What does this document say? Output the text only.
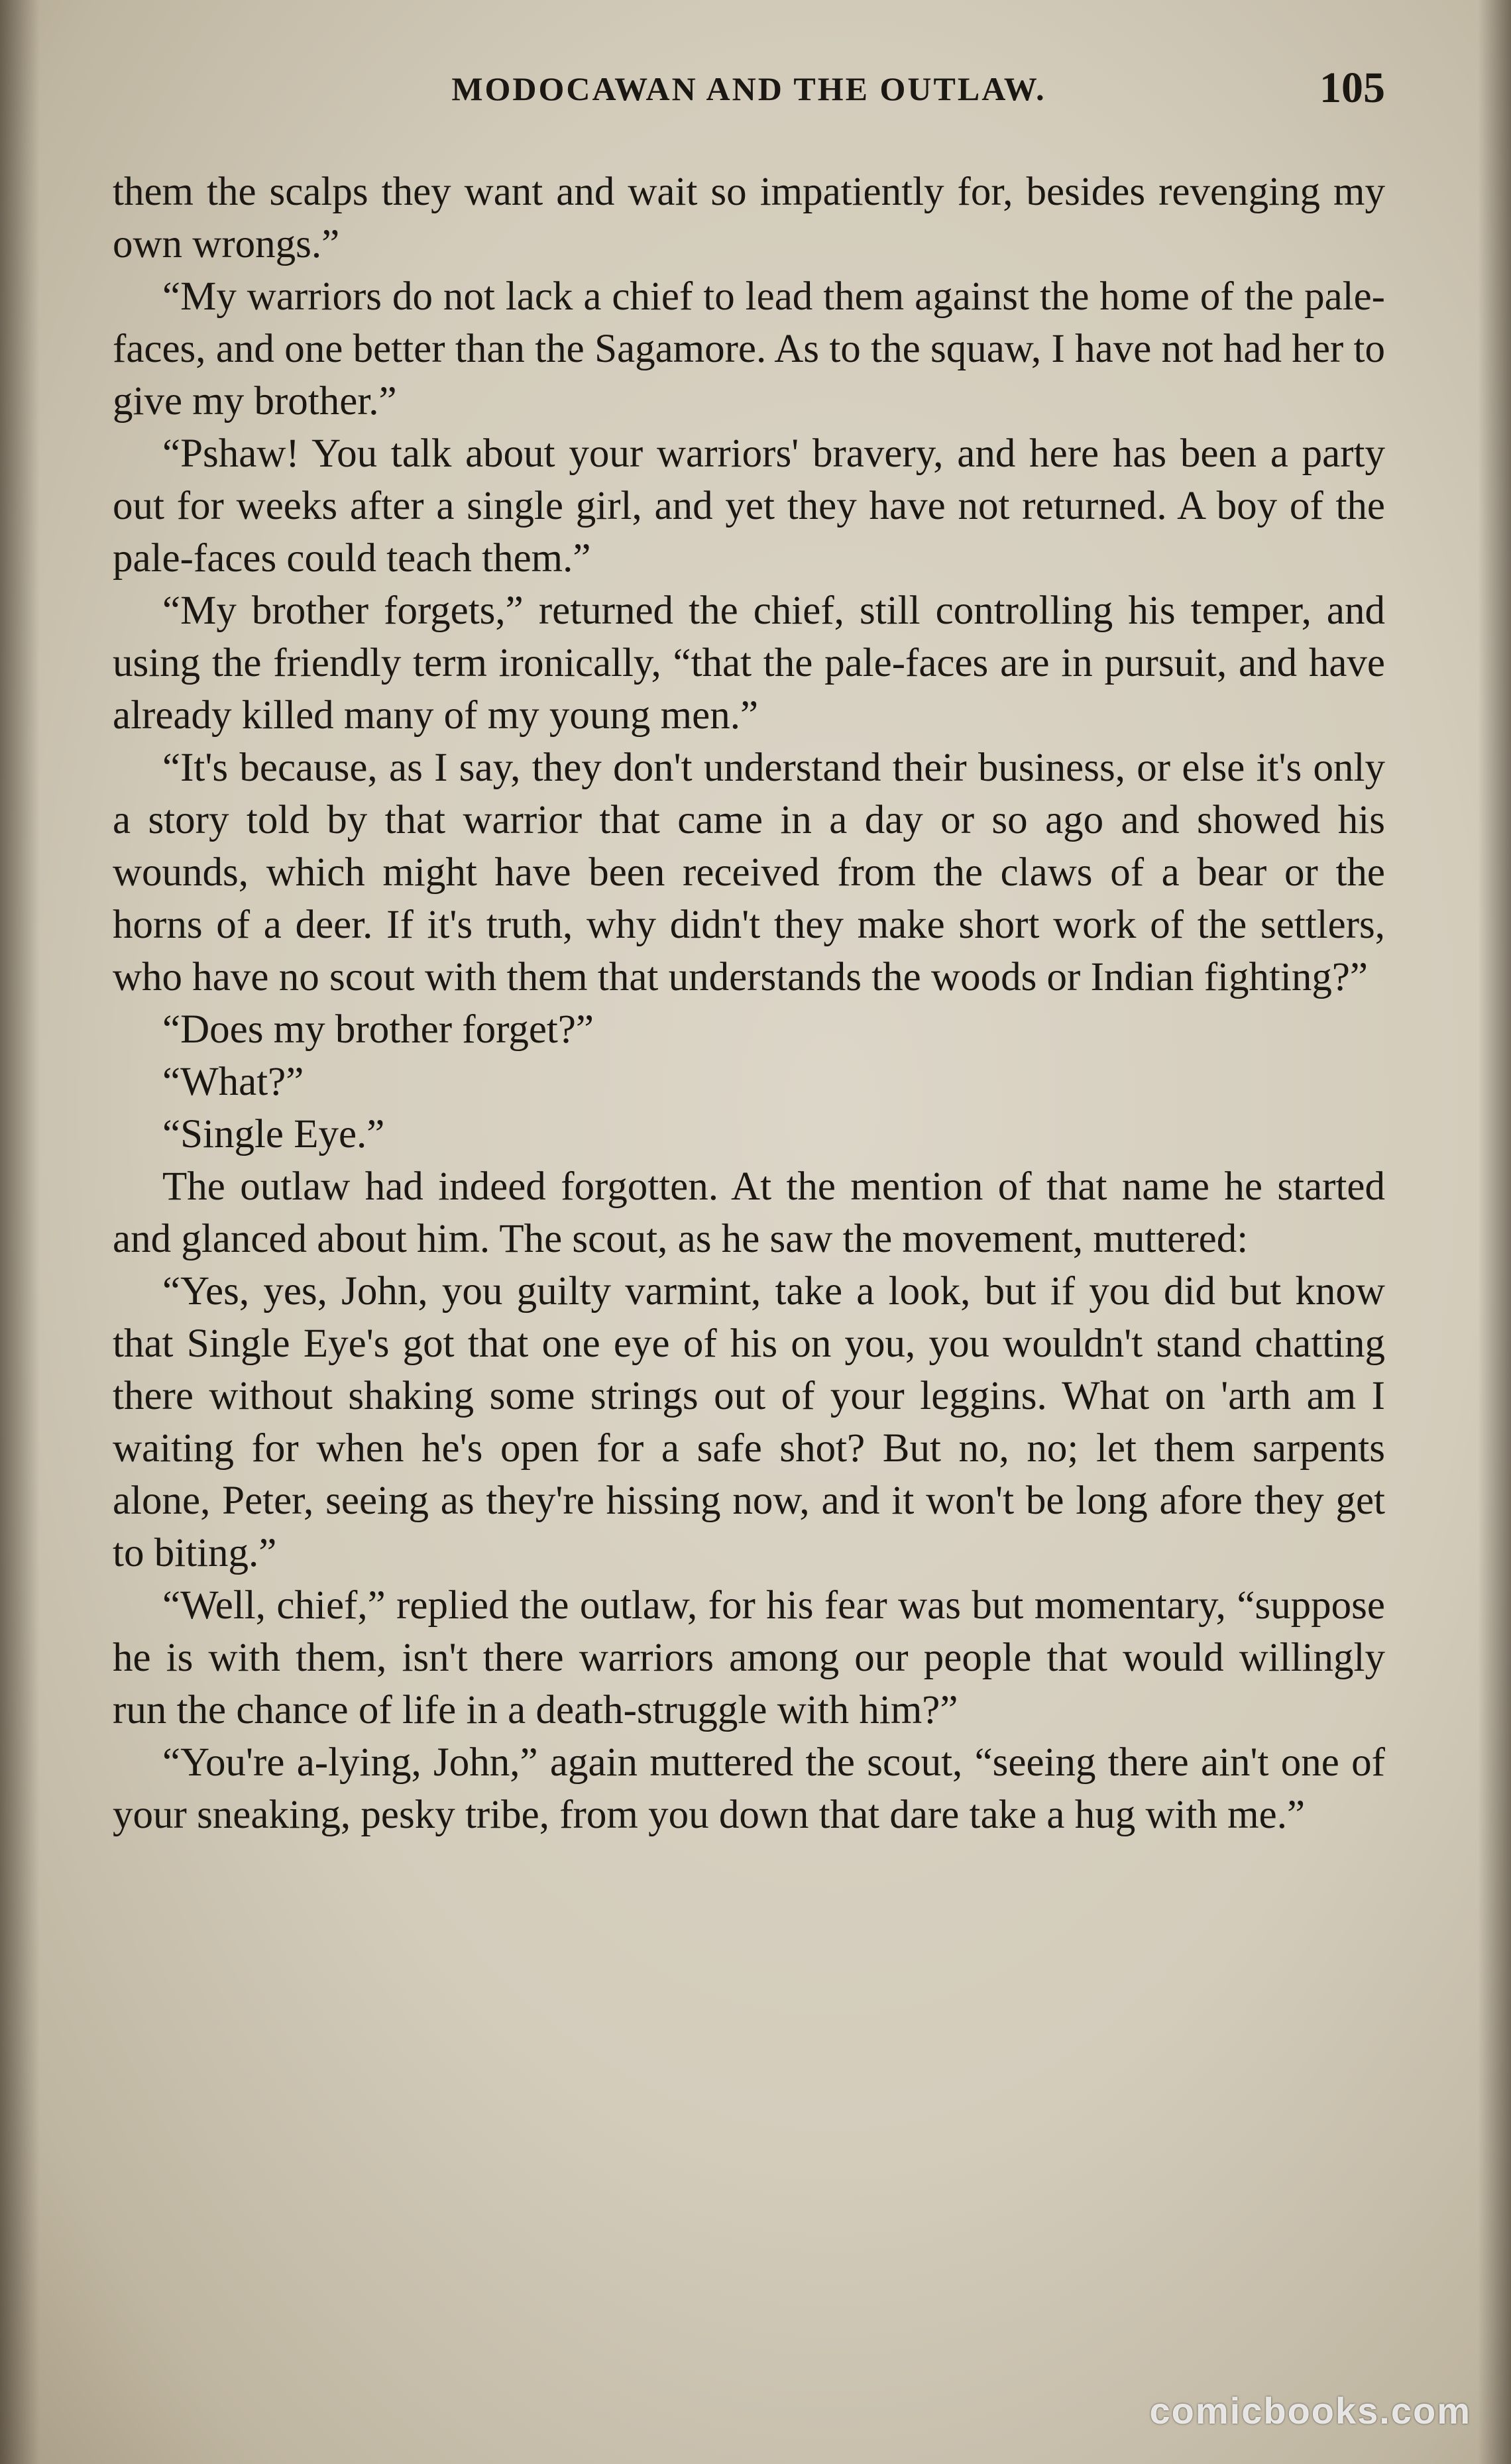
MODOCAWAN AND THE OUTLAW.	105

them the scalps they want and wait so impatiently for, besides revenging my own wrongs.”

“My warriors do not lack a chief to lead them against the home of the pale-faces, and one better than the Sagamore. As to the squaw, I have not had her to give my brother.”

“Pshaw! You talk about your warriors' bravery, and here has been a party out for weeks after a single girl, and yet they have not returned. A boy of the pale-faces could teach them.”

“My brother forgets,” returned the chief, still controlling his temper, and using the friendly term ironically, “that the pale-faces are in pursuit, and have already killed many of my young men.”

“It's because, as I say, they don't understand their business, or else it's only a story told by that warrior that came in a day or so ago and showed his wounds, which might have been received from the claws of a bear or the horns of a deer. If it's truth, why didn't they make short work of the settlers, who have no scout with them that understands the woods or Indian fighting?”

“Does my brother forget?”

“What?”

“Single Eye.”

The outlaw had indeed forgotten. At the mention of that name he started and glanced about him. The scout, as he saw the movement, muttered:

“Yes, yes, John, you guilty varmint, take a look, but if you did but know that Single Eye's got that one eye of his on you, you wouldn't stand chatting there without shaking some strings out of your leggins. What on 'arth am I waiting for when he's open for a safe shot? But no, no; let them sarpents alone, Peter, seeing as they're hissing now, and it won't be long afore they get to biting.”

“Well, chief,” replied the outlaw, for his fear was but momentary, “suppose he is with them, isn't there warriors among our people that would willingly run the chance of life in a death-struggle with him?”

“You're a-lying, John,” again muttered the scout, “seeing there ain't one of your sneaking, pesky tribe, from you down that dare take a hug with me.”

comicbooks.com
